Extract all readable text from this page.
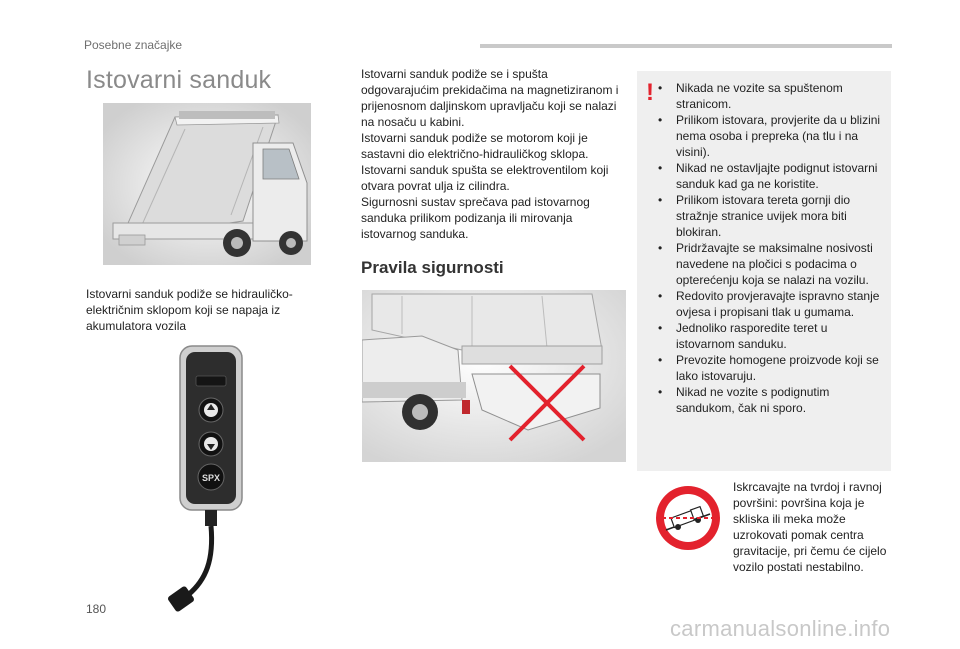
Posebne značajke
Istovarni sanduk
Istovarni sanduk podiže se hidrauličko-električnim sklopom koji se napaja iz akumulatora vozila
SPX

Istovarni sanduk podiže se i spušta odgovarajućim prekidačima na magnetiziranom i prijenosnom daljinskom upravljaču koji se nalazi na nosaču u kabini.

Istovarni sanduk podiže se motorom koji je sastavni dio električno-hidrauličkog sklopa.

Istovarni sanduk spušta se elektroventilom koji otvara povrat ulja iz cilindra.

Sigurnosni sustav sprečava pad istovarnog sanduka prilikom podizanja ili mirovanja istovarnog sanduka.

Pravila sigurnosti
!
•	Nikada ne vozite sa spuštenom stranicom.
• Prilikom istovara, provjerite da u blizini nema osoba i prepreka (na tlu i na visini).
• Nikad ne ostavljajte podignut istovarni sanduk kad ga ne koristite.
• Prilikom istovara tereta gornji dio stražnje stranice uvijek mora biti blokiran.
• Pridržavajte se maksimalne nosivosti navedene na pločici s podacima o opterećenju koja se nalazi na vozilu.
• Redovito provjeravajte ispravno stanje ovjesa i propisani tlak u gumama.
• Jednoliko rasporedite teret u istovarnom sanduku.
• Prevozite homogene proizvode koji se lako istovaruju.
• Nikad ne vozite s podignutim sandukom, čak ni sporo.
Iskrcavajte na tvrdoj i ravnoj površini: površina koja je skliska ili meka može uzrokovati pomak centra gravitacije, pri čemu će cijelo vozilo postati nestabilno.
180
carmanualsonline.info
